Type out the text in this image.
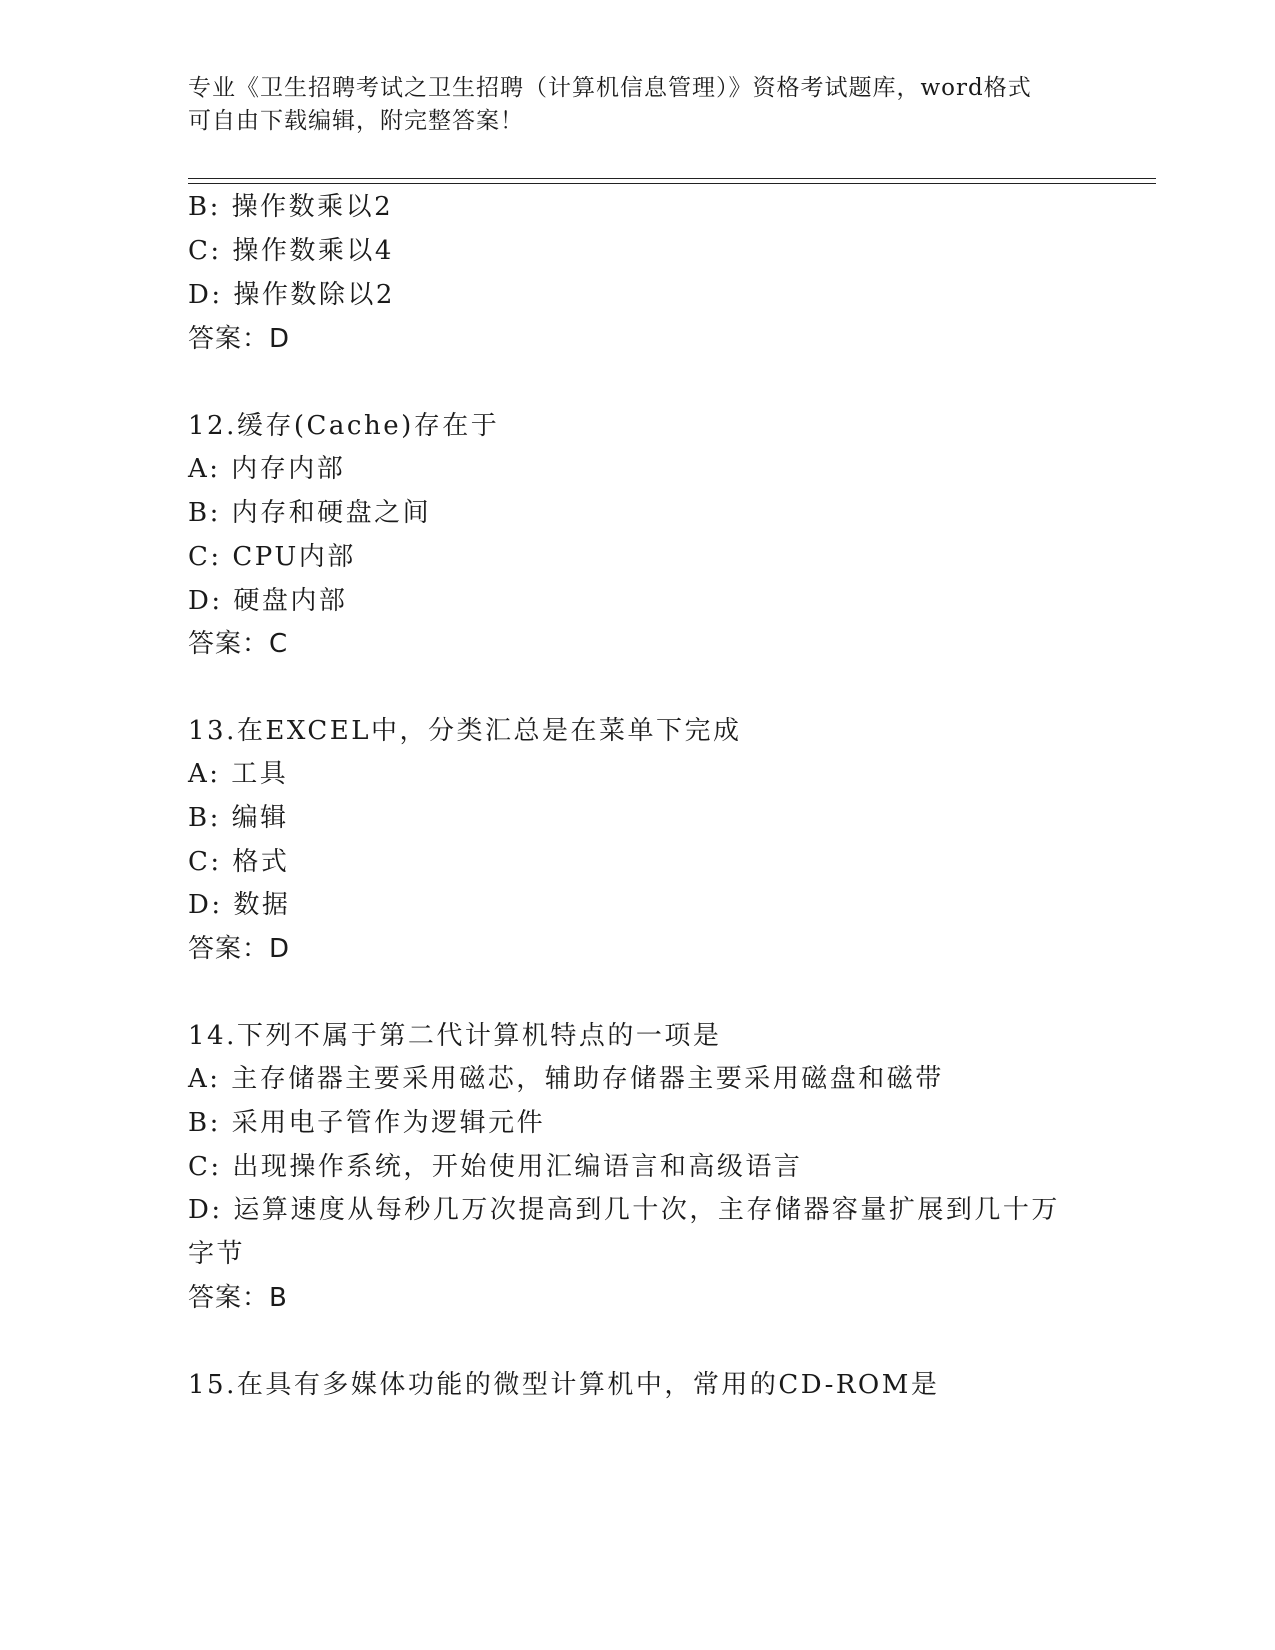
专业《卫生招聘考试之卫生招聘（计算机信息管理）》资格考试题库，word格式
可自由下载编辑，附完整答案！
B: 操作数乘以2
C: 操作数乘以4
D: 操作数除以2
答案：D
12.缓存(Cache)存在于
A: 内存内部
B: 内存和硬盘之间
C: CPU内部
D: 硬盘内部
答案：C
13.在EXCEL中，分类汇总是在菜单下完成
A: 工具
B: 编辑
C: 格式
D: 数据
答案：D
14.下列不属于第二代计算机特点的一项是
A: 主存储器主要采用磁芯，辅助存储器主要采用磁盘和磁带
B: 采用电子管作为逻辑元件
C: 出现操作系统，开始使用汇编语言和高级语言
D: 运算速度从每秒几万次提高到几十次，主存储器容量扩展到几十万
字节
答案：B
15.在具有多媒体功能的微型计算机中，常用的CD-ROM是
